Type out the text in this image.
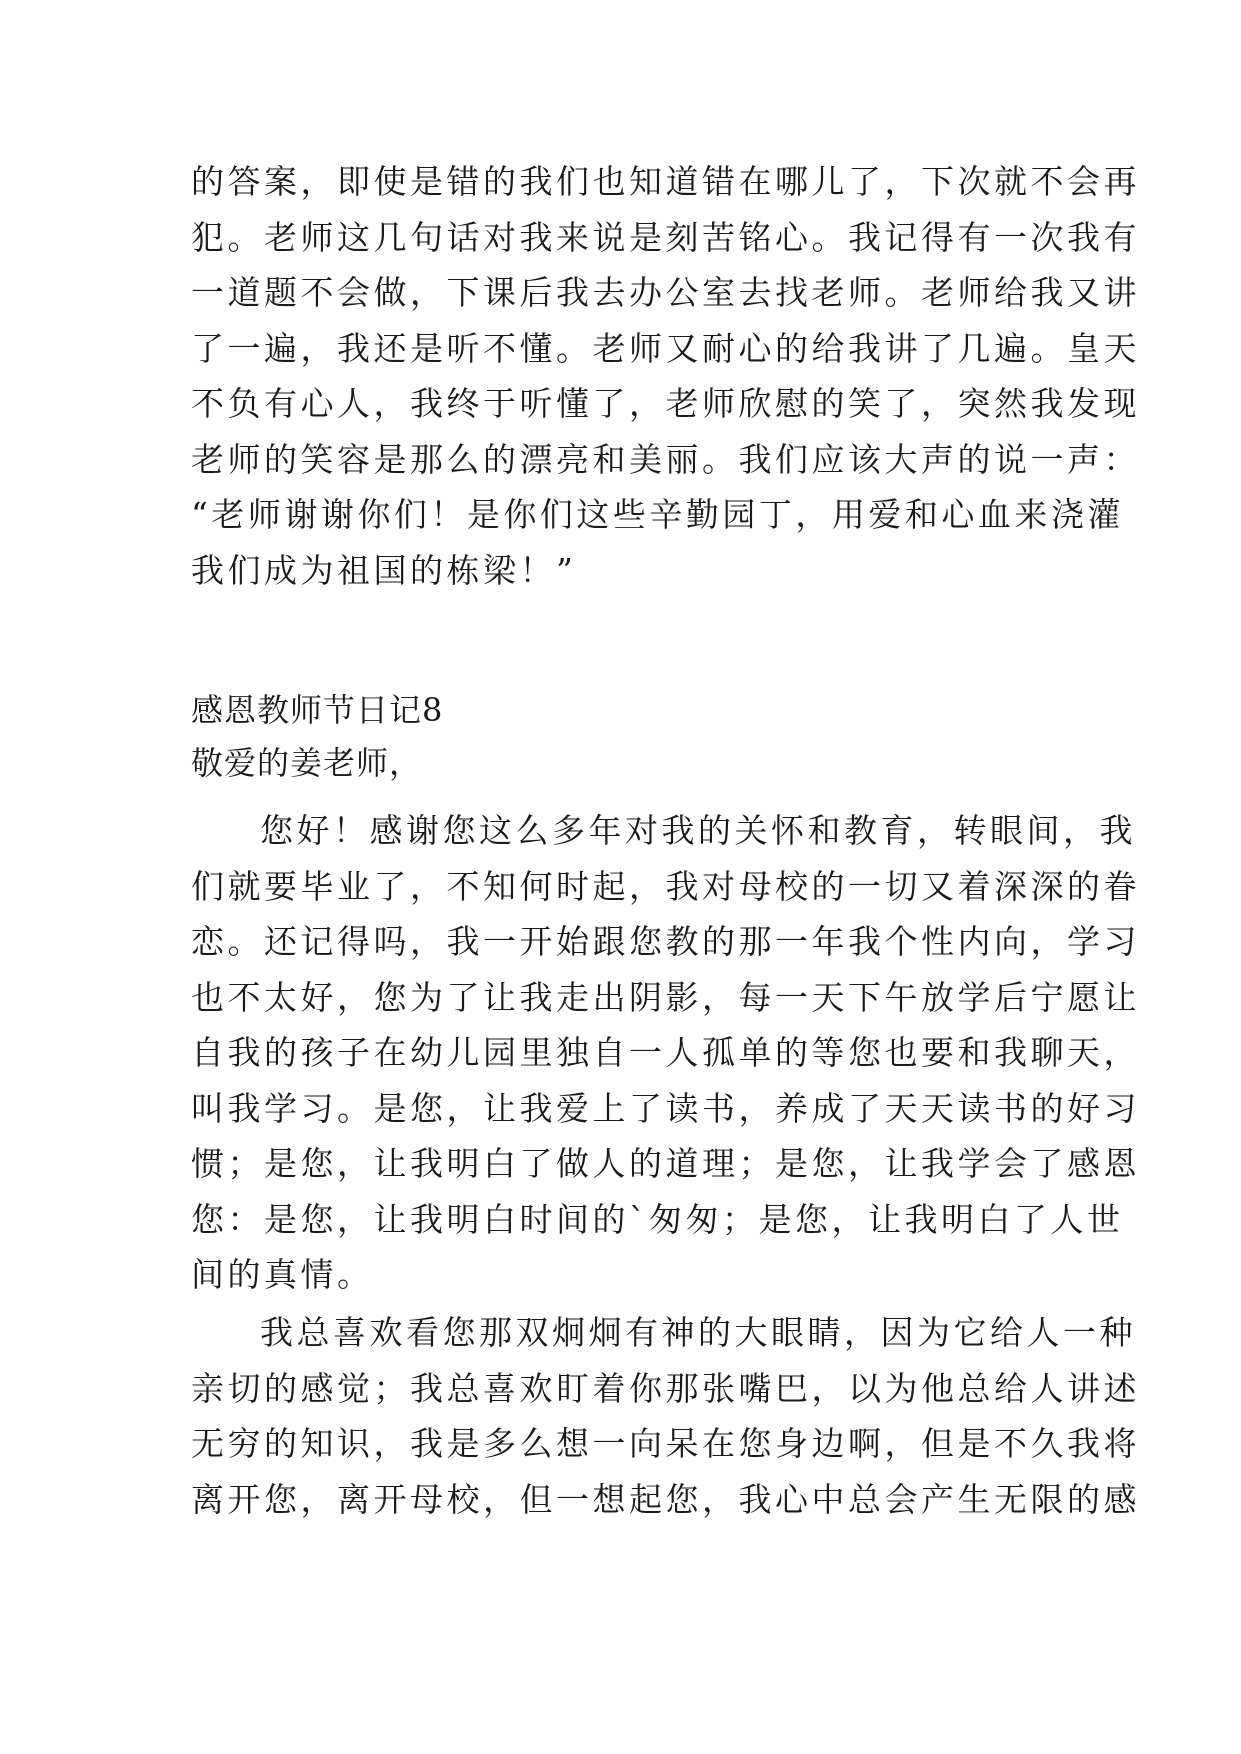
的答案，即使是错的我们也知道错在哪儿了，下次就不会再
犯。老师这几句话对我来说是刻苦铭心。我记得有一次我有
一道题不会做，下课后我去办公室去找老师。老师给我又讲
了一遍，我还是听不懂。老师又耐心的给我讲了几遍。皇天
不负有心人，我终于听懂了，老师欣慰的笑了，突然我发现
老师的笑容是那么的漂亮和美丽。我们应该大声的说一声：
“老师谢谢你们！是你们这些辛勤园丁，用爱和心血来浇灌
我们成为祖国的栋梁！”
感恩教师节日记8
敬爱的姜老师，
您好！感谢您这么多年对我的关怀和教育，转眼间，我
们就要毕业了，不知何时起，我对母校的一切又着深深的眷
恋。还记得吗，我一开始跟您教的那一年我个性内向，学习
也不太好，您为了让我走出阴影，每一天下午放学后宁愿让
自我的孩子在幼儿园里独自一人孤单的等您也要和我聊天，
叫我学习。是您，让我爱上了读书，养成了天天读书的好习
惯；是您，让我明白了做人的道理；是您，让我学会了感恩
您：是您，让我明白时间的`匆匆；是您，让我明白了人世
间的真情。
我总喜欢看您那双炯炯有神的大眼睛，因为它给人一种
亲切的感觉；我总喜欢盯着你那张嘴巴，以为他总给人讲述
无穷的知识，我是多么想一向呆在您身边啊，但是不久我将
离开您，离开母校，但一想起您，我心中总会产生无限的感
